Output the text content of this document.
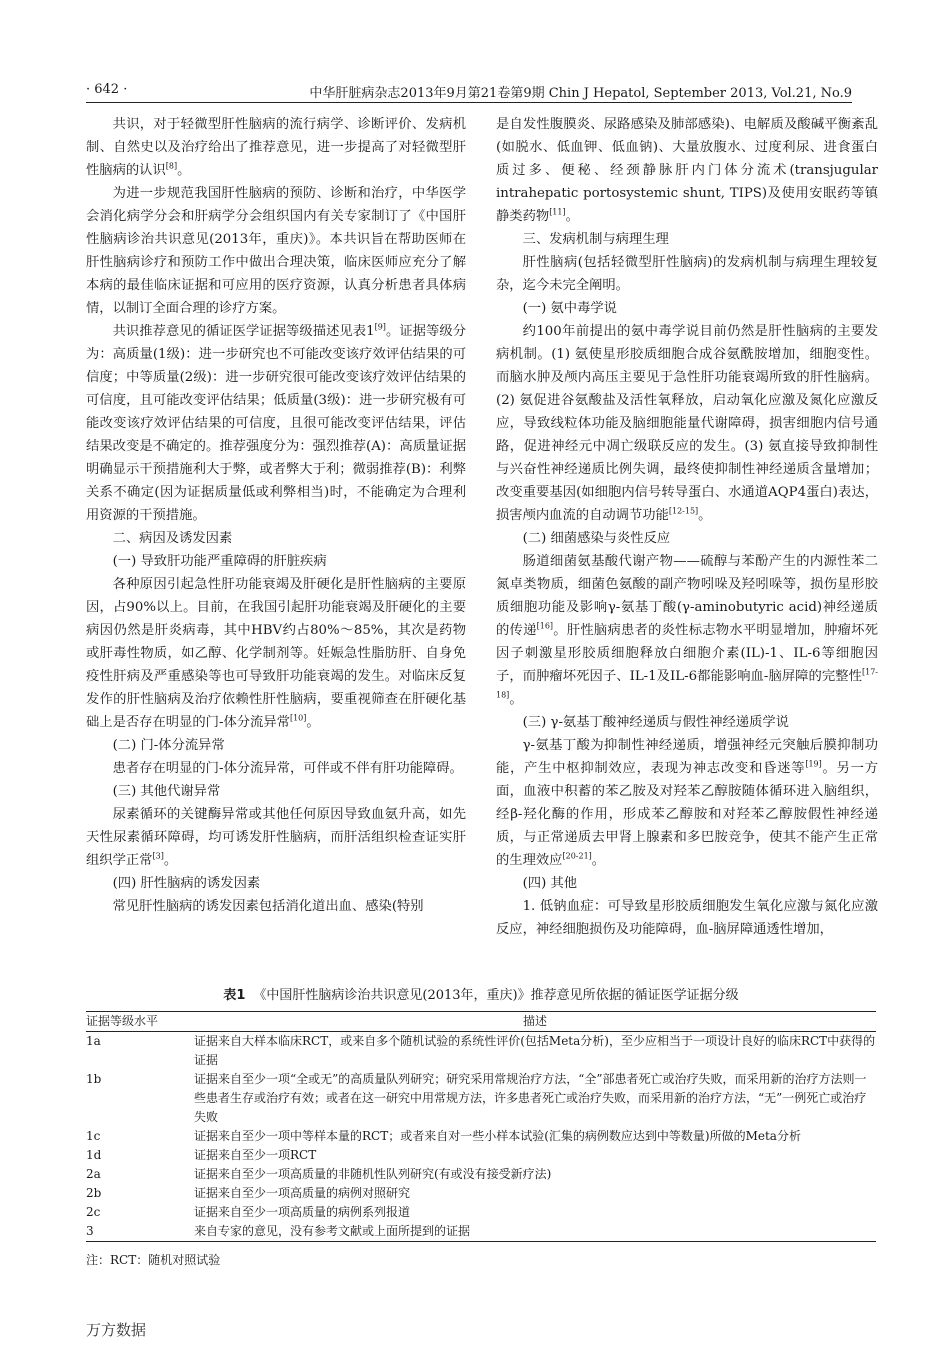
· 642 ·	中华肝脏病杂志2013年9月第21卷第9期 Chin J Hepatol, September 2013, Vol.21, No.9

共识，对于轻微型肝性脑病的流行病学、诊断评价、发病机制、自然史以及治疗给出了推荐意见，进一步提高了对轻微型肝性脑病的认识[8]。

为进一步规范我国肝性脑病的预防、诊断和治疗，中华医学会消化病学分会和肝病学分会组织国内有关专家制订了《中国肝性脑病诊治共识意见(2013年，重庆)》。本共识旨在帮助医师在肝性脑病诊疗和预防工作中做出合理决策，临床医师应充分了解本病的最佳临床证据和可应用的医疗资源，认真分析患者具体病情，以制订全面合理的诊疗方案。

共识推荐意见的循证医学证据等级描述见表1[9]。证据等级分为：高质量(1级)：进一步研究也不可能改变该疗效评估结果的可信度；中等质量(2级)：进一步研究很可能改变该疗效评估结果的可信度，且可能改变评估结果；低质量(3级)：进一步研究极有可能改变该疗效评估结果的可信度，且很可能改变评估结果，评估结果改变是不确定的。推荐强度分为：强烈推荐(A)：高质量证据明确显示干预措施利大于弊，或者弊大于利；微弱推荐(B)：利弊关系不确定(因为证据质量低或利弊相当)时，不能确定为合理利用资源的干预措施。

二、病因及诱发因素

(一) 导致肝功能严重障碍的肝脏疾病

各种原因引起急性肝功能衰竭及肝硬化是肝性脑病的主要原因，占90%以上。目前，在我国引起肝功能衰竭及肝硬化的主要病因仍然是肝炎病毒，其中HBV约占80%～85%，其次是药物或肝毒性物质，如乙醇、化学制剂等。妊娠急性脂肪肝、自身免疫性肝病及严重感染等也可导致肝功能衰竭的发生。对临床反复发作的肝性脑病及治疗依赖性肝性脑病，要重视筛查在肝硬化基础上是否存在明显的门-体分流异常[10]。

(二) 门-体分流异常

患者存在明显的门-体分流异常，可伴或不伴有肝功能障碍。

(三) 其他代谢异常

尿素循环的关键酶异常或其他任何原因导致血氨升高，如先天性尿素循环障碍，均可诱发肝性脑病，而肝活组织检查证实肝组织学正常[3]。

(四) 肝性脑病的诱发因素

常见肝性脑病的诱发因素包括消化道出血、感染(特别

是自发性腹膜炎、尿路感染及肺部感染)、电解质及酸碱平衡紊乱(如脱水、低血钾、低血钠)、大量放腹水、过度利尿、进食蛋白质过多、便秘、经颈静脉肝内门体分流术(transjugular intrahepatic portosystemic shunt, TIPS)及使用安眠药等镇静类药物[11]。

三、发病机制与病理生理

肝性脑病(包括轻微型肝性脑病)的发病机制与病理生理较复杂，迄今未完全阐明。

(一) 氨中毒学说

约100年前提出的氨中毒学说目前仍然是肝性脑病的主要发病机制。(1) 氨使星形胶质细胞合成谷氨酰胺增加，细胞变性。而脑水肿及颅内高压主要见于急性肝功能衰竭所致的肝性脑病。(2) 氨促进谷氨酸盐及活性氧释放，启动氧化应激及氮化应激反应，导致线粒体功能及脑细胞能量代谢障碍，损害细胞内信号通路，促进神经元中凋亡级联反应的发生。(3) 氨直接导致抑制性与兴奋性神经递质比例失调，最终使抑制性神经递质含量增加；改变重要基因(如细胞内信号转导蛋白、水通道AQP4蛋白)表达，损害颅内血流的自动调节功能[12-15]。

(二) 细菌感染与炎性反应

肠道细菌氨基酸代谢产物——硫醇与苯酚产生的内源性苯二氮卓类物质，细菌色氨酸的副产物吲哚及羟吲哚等，损伤星形胶质细胞功能及影响γ-氨基丁酸(γ-aminobutyric acid)神经递质的传递[16]。肝性脑病患者的炎性标志物水平明显增加，肿瘤坏死因子刺激星形胶质细胞释放白细胞介素(IL)-1、IL-6等细胞因子，而肿瘤坏死因子、IL-1及IL-6都能影响血-脑屏障的完整性[17-18]。

(三) γ-氨基丁酸神经递质与假性神经递质学说

γ-氨基丁酸为抑制性神经递质，增强神经元突触后膜抑制功能，产生中枢抑制效应，表现为神志改变和昏迷等[19]。另一方面，血液中积蓄的苯乙胺及对羟苯乙醇胺随体循环进入脑组织，经β-羟化酶的作用，形成苯乙醇胺和对羟苯乙醇胺假性神经递质，与正常递质去甲肾上腺素和多巴胺竞争，使其不能产生正常的生理效应[20-21]。

(四) 其他

1. 低钠血症：可导致星形胶质细胞发生氧化应激与氮化应激反应，神经细胞损伤及功能障碍，血-脑屏障通透性增加，

表1 《中国肝性脑病诊治共识意见(2013年，重庆)》推荐意见所依据的循证医学证据分级
证据等级水平	描述
1a	证据来自大样本临床RCT，或来自多个随机试验的系统性评价(包括Meta分析)，至少应相当于一项设计良好的临床RCT中获得的证据
1b	证据来自至少一项“全或无”的高质量队列研究；研究采用常规治疗方法，“全”部患者死亡或治疗失败，而采用新的治疗方法则一些患者生存或治疗有效；或者在这一研究中用常规方法，许多患者死亡或治疗失败，而采用新的治疗方法，“无”一例死亡或治疗失败
1c	证据来自至少一项中等样本量的RCT；或者来自对一些小样本试验(汇集的病例数应达到中等数量)所做的Meta分析
1d	证据来自至少一项RCT
2a	证据来自至少一项高质量的非随机性队列研究(有或没有接受新疗法)
2b	证据来自至少一项高质量的病例对照研究
2c	证据来自至少一项高质量的病例系列报道
3	来自专家的意见，没有参考文献或上面所提到的证据
注：RCT：随机对照试验
万方数据
